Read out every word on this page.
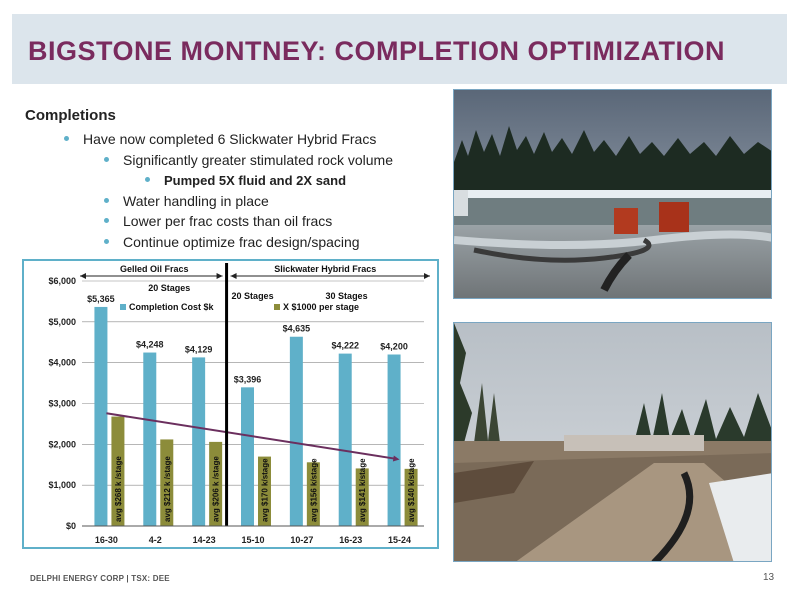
BIGSTONE MONTNEY: COMPLETION OPTIMIZATION
Completions
Have now completed 6 Slickwater Hybrid Fracs
Significantly greater stimulated rock volume
Pumped 5X fluid and 2X sand
Water handling in place
Lower per frac costs than oil fracs
Continue optimize frac design/spacing
$0
$1,000
$2,000
$3,000
$4,000
$5,000
$6,000
$5,365
avg $268 k /stage
16-30
$4,248
avg $212 k /stage
4-2
$4,129
avg $206 k /stage
14-23
$3,396
avg $170 k/stage
15-10
$4,635
avg $156 k/stage
10-27
$4,222
avg $141 k/stage
16-23
$4,200
avg $140 k/stage
15-24
Gelled Oil Fracs	Slickwater Hybrid Fracs
20 Stages
20 Stages	30 Stages
Completion Cost $k	X $1000 per stage
DELPHI ENERGY CORP | TSX: DEE	13
